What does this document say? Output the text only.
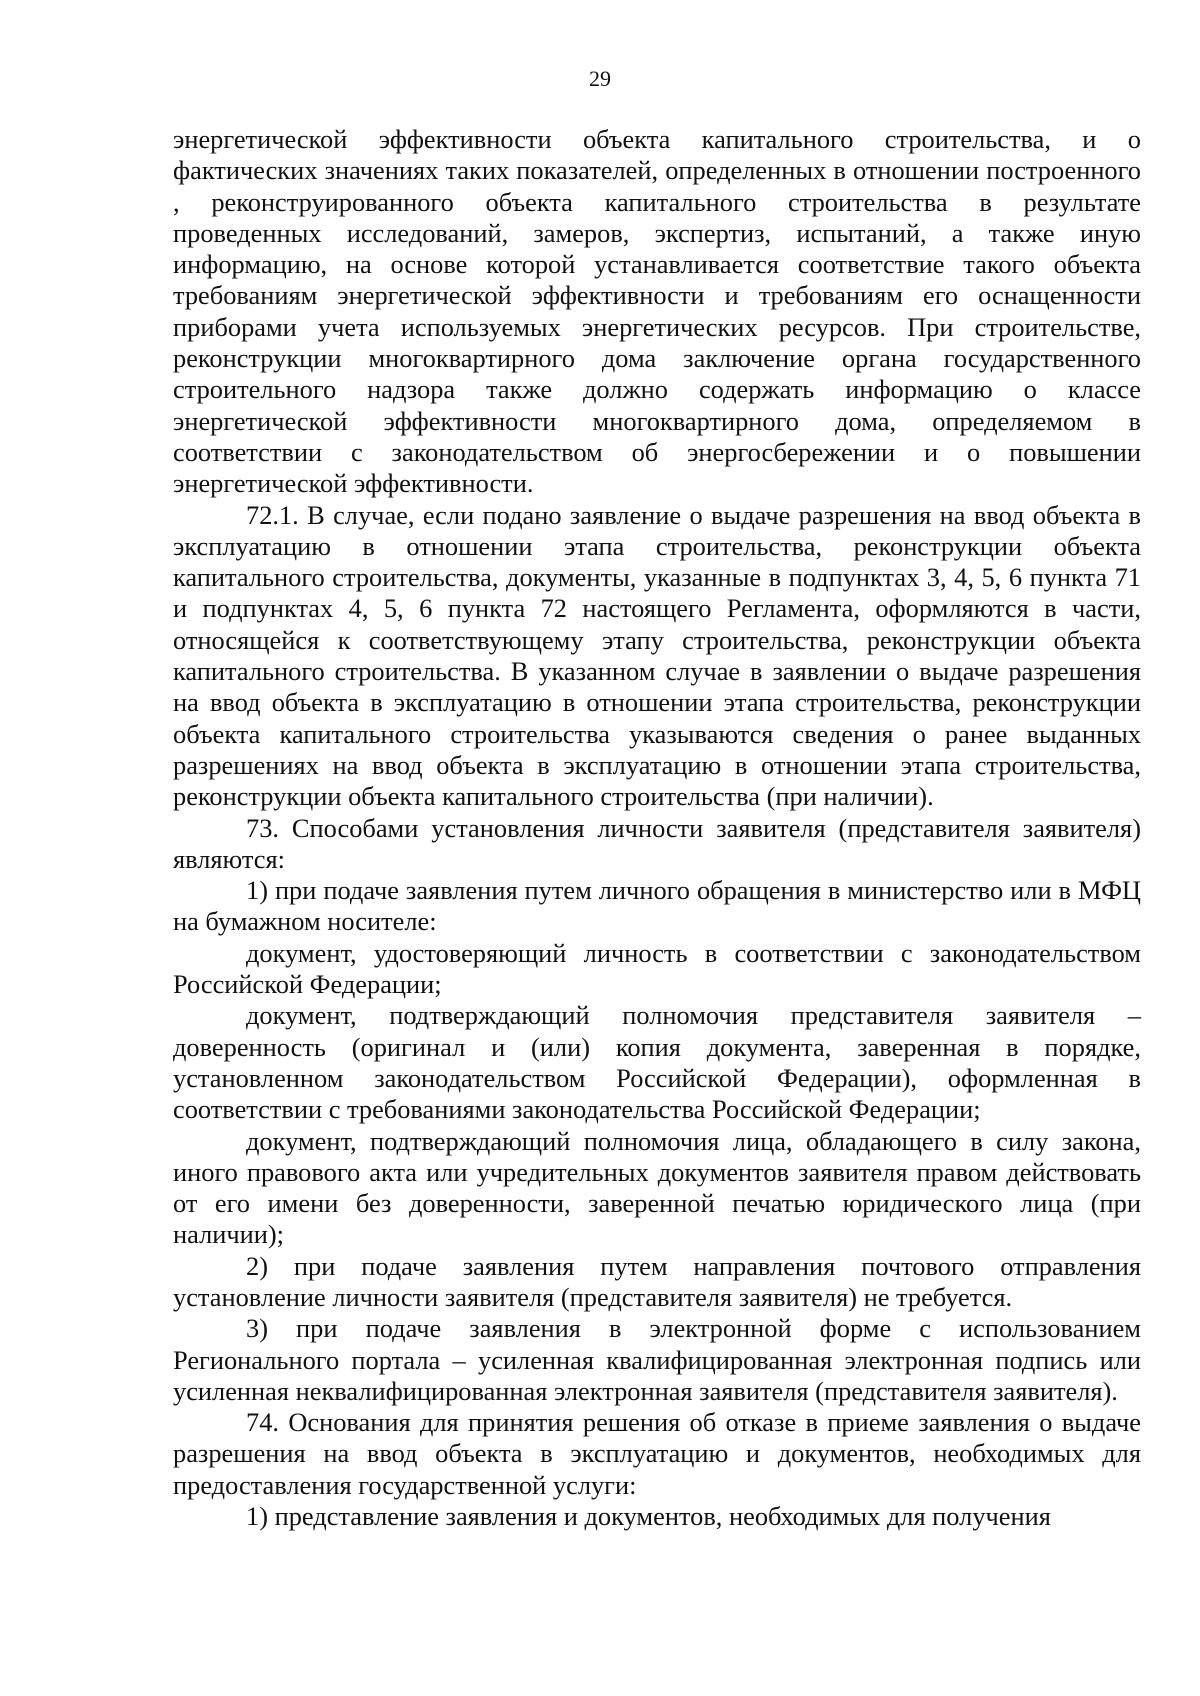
29

энергетической эффективности объекта капитального строительства, и о фактических значениях таких показателей, определенных в отношении построенного , реконструированного объекта капитального строительства в результате проведенных исследований, замеров, экспертиз, испытаний, а также иную информацию, на основе которой устанавливается соответствие такого объекта требованиям энергетической эффективности и требованиям его оснащенности приборами учета используемых энергетических ресурсов. При строительстве, реконструкции многоквартирного дома заключение органа государственного строительного надзора также должно содержать информацию о классе энергетической эффективности многоквартирного дома, определяемом в соответствии с законодательством об энергосбережении и о повышении энергетической эффективности.

72.1. В случае, если подано заявление о выдаче разрешения на ввод объекта в эксплуатацию в отношении этапа строительства, реконструкции объекта капитального строительства, документы, указанные в подпунктах 3, 4, 5, 6 пункта 71 и подпунктах 4, 5, 6 пункта 72 настоящего Регламента, оформляются в части, относящейся к соответствующему этапу строительства, реконструкции объекта капитального строительства. В указанном случае в заявлении о выдаче разрешения на ввод объекта в эксплуатацию в отношении этапа строительства, реконструкции объекта капитального строительства указываются сведения о ранее выданных разрешениях на ввод объекта в эксплуатацию в отношении этапа строительства, реконструкции объекта капитального строительства (при наличии).

73. Способами установления личности заявителя (представителя заявителя) являются:

1) при подаче заявления путем личного обращения в министерство или в МФЦ на бумажном носителе:

документ, удостоверяющий личность в соответствии с законодательством Российской Федерации;

документ, подтверждающий полномочия представителя заявителя – доверенность (оригинал и (или) копия документа, заверенная в порядке, установленном законодательством Российской Федерации), оформленная в соответствии с требованиями законодательства Российской Федерации;

документ, подтверждающий полномочия лица, обладающего в силу закона, иного правового акта или учредительных документов заявителя правом действовать от его имени без доверенности, заверенной печатью юридического лица (при наличии);

2) при подаче заявления путем направления почтового отправления установление личности заявителя (представителя заявителя) не требуется.

3) при подаче заявления в электронной форме с использованием Регионального портала – усиленная квалифицированная электронная подпись или усиленная неквалифицированная электронная заявителя (представителя заявителя).

74. Основания для принятия решения об отказе в приеме заявления о выдаче разрешения на ввод объекта в эксплуатацию и документов, необходимых для предоставления государственной услуги:

1) представление заявления и документов, необходимых для получения
